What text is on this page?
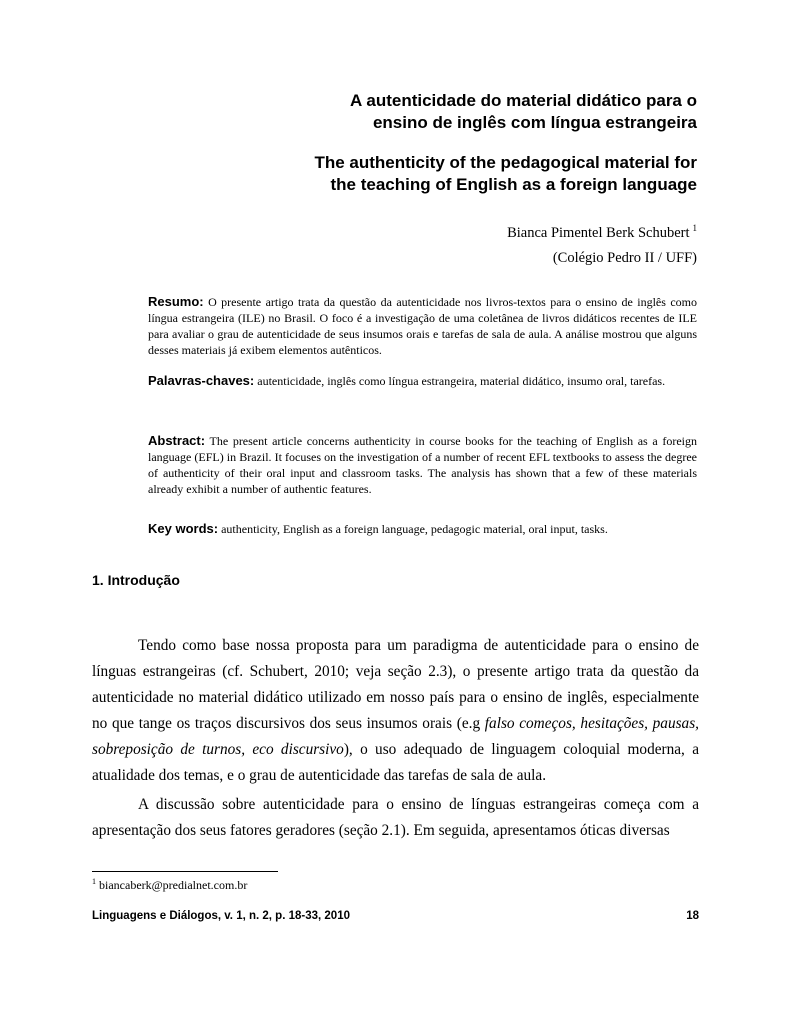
A autenticidade do material didático para o
ensino de inglês com língua estrangeira
The authenticity of the pedagogical material for
the teaching of English as a foreign language
Bianca Pimentel Berk Schubert $^1$
(Colégio Pedro II / UFF)
Resumo: O presente artigo trata da questão da autenticidade nos livros-textos para o ensino de inglês como  língua estrangeira (ILE) no Brasil. O foco é a investigação de uma coletânea de livros didáticos recentes de ILE              para avaliar o grau de autenticidade de seus insumos orais e tarefas de sala de aula. A análise mostrou que alguns            desses materiais já exibem elementos autênticos.
Palavras-chaves: autenticidade, inglês como língua estrangeira, material didático, insumo oral, tarefas.
Abstract: The present article concerns authenticity in course books for the teaching of English as a foreign language (EFL) in Brazil. It focuses on the investigation of a number of recent EFL textbooks to assess the degree of authenticity of their oral input and classroom tasks. The analysis has shown that a few of these materials already exhibit a number of authentic features.
Key words: authenticity, English as a foreign language, pedagogic material, oral input, tasks.
1. Introdução
Tendo como base nossa proposta para um paradigma de autenticidade para o ensino de línguas estrangeiras (cf. Schubert, 2010; veja seção 2.3), o presente artigo trata da questão da autenticidade no material didático utilizado em nosso país para o ensino de inglês, especialmente no que tange os traços discursivos dos seus insumos orais (e.g falso começos, hesitações, pausas, sobreposição de turnos, eco discursivo), o uso adequado de linguagem coloquial moderna, a atualidade dos temas, e o grau de autenticidade das tarefas de sala de aula.
A discussão sobre autenticidade para o ensino de línguas estrangeiras começa com a apresentação dos seus fatores geradores (seção 2.1). Em seguida, apresentamos óticas diversas
$^1$ biancaberk@predialnet.com.br
Linguagens e Diálogos, v. 1, n. 2, p. 18-33, 2010	18
